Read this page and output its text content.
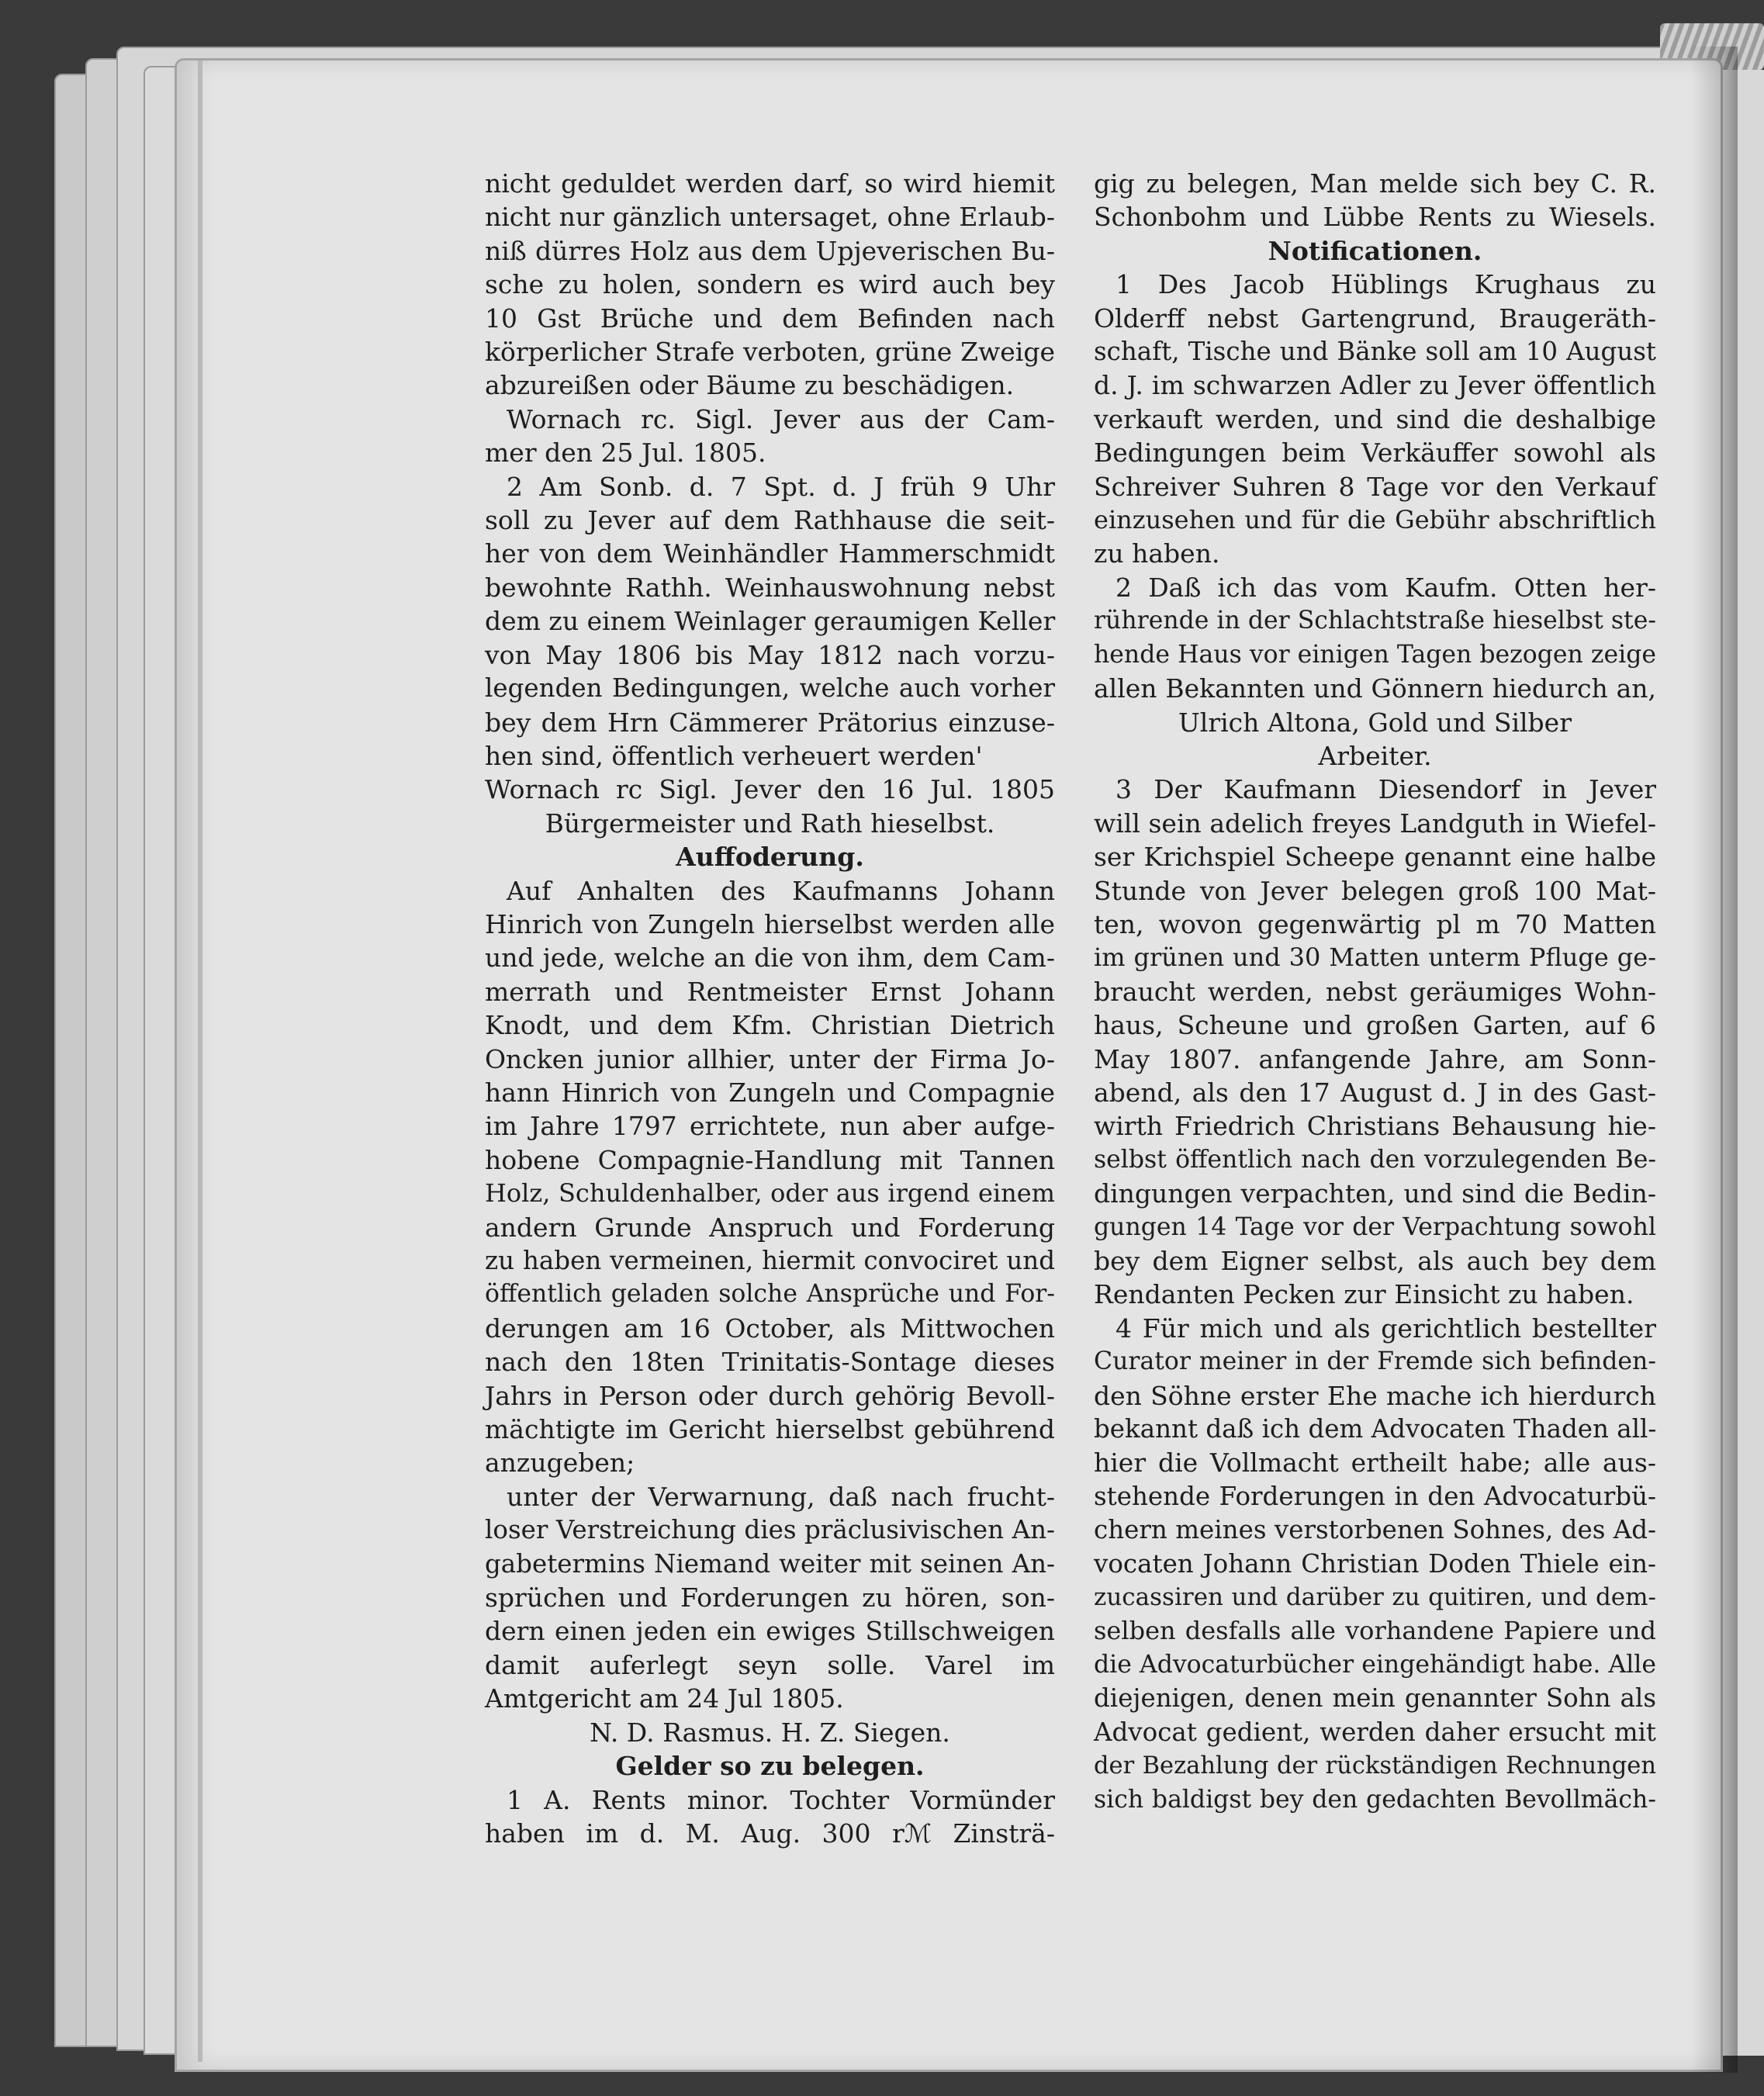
nicht geduldet werden darf, so wird hiemit
nicht nur gänzlich untersaget, ohne Erlaub-
niß dürres Holz aus dem Upjeverischen Bu-
sche zu holen, sondern es wird auch bey
10 Gst Brüche und dem Befinden nach
körperlicher Strafe verboten, grüne Zweige
abzureißen oder Bäume zu beschädigen.
Wornach rc. Sigl. Jever aus der Cam-
mer den 25 Jul. 1805.
2 Am Sonb. d. 7 Spt. d. J früh 9 Uhr
soll zu Jever auf dem Rathhause die seit-
her von dem Weinhändler Hammerschmidt
bewohnte Rathh. Weinhauswohnung nebst
dem zu einem Weinlager geraumigen Keller
von May 1806 bis May 1812 nach vorzu-
legenden Bedingungen, welche auch vorher
bey dem Hrn Cämmerer Prätorius einzuse-
hen sind, öffentlich verheuert werden'
Wornach rc Sigl. Jever den 16 Jul. 1805
Bürgermeister und Rath hieselbst.
Auffoderung.
Auf Anhalten des Kaufmanns Johann
Hinrich von Zungeln hierselbst werden alle
und jede, welche an die von ihm, dem Cam-
merrath und Rentmeister Ernst Johann
Knodt, und dem Kfm. Christian Dietrich
Oncken junior allhier, unter der Firma Jo-
hann Hinrich von Zungeln und Compagnie
im Jahre 1797 errichtete, nun aber aufge-
hobene Compagnie-Handlung mit Tannen
Holz, Schuldenhalber, oder aus irgend einem
andern Grunde Anspruch und Forderung
zu haben vermeinen, hiermit convociret und
öffentlich geladen solche Ansprüche und For-
derungen am 16 October, als Mittwochen
nach den 18ten Trinitatis-Sontage dieses
Jahrs in Person oder durch gehörig Bevoll-
mächtigte im Gericht hierselbst gebührend
anzugeben;
unter der Verwarnung, daß nach frucht-
loser Verstreichung dies präclusivischen An-
gabetermins Niemand weiter mit seinen An-
sprüchen und Forderungen zu hören, son-
dern einen jeden ein ewiges Stillschweigen
damit auferlegt seyn solle. Varel im
Amtgericht am 24 Jul 1805.
N. D. Rasmus. H. Z. Siegen.
Gelder so zu belegen.
1 A. Rents minor. Tochter Vormünder
haben im d. M. Aug. 300 rℳ Zinsträ-
gig zu belegen, Man melde sich bey C. R.
Schonbohm und Lübbe Rents zu Wiesels.
Notificationen.
1 Des Jacob Hüblings Krughaus zu
Olderff nebst Gartengrund, Braugeräth-
schaft, Tische und Bänke soll am 10 August
d. J. im schwarzen Adler zu Jever öffentlich
verkauft werden, und sind die deshalbige
Bedingungen beim Verkäuffer sowohl als
Schreiver Suhren 8 Tage vor den Verkauf
einzusehen und für die Gebühr abschriftlich
zu haben.
2 Daß ich das vom Kaufm. Otten her-
rührende in der Schlachtstraße hieselbst ste-
hende Haus vor einigen Tagen bezogen zeige
allen Bekannten und Gönnern hiedurch an,
Ulrich Altona, Gold und Silber
Arbeiter.
3 Der Kaufmann Diesendorf in Jever
will sein adelich freyes Landguth in Wiefel-
ser Krichspiel Scheepe genannt eine halbe
Stunde von Jever belegen groß 100 Mat-
ten, wovon gegenwärtig pl m 70 Matten
im grünen und 30 Matten unterm Pfluge ge-
braucht werden, nebst geräumiges Wohn-
haus, Scheune und großen Garten, auf 6
May 1807. anfangende Jahre, am Sonn-
abend, als den 17 August d. J in des Gast-
wirth Friedrich Christians Behausung hie-
selbst öffentlich nach den vorzulegenden Be-
dingungen verpachten, und sind die Bedin-
gungen 14 Tage vor der Verpachtung sowohl
bey dem Eigner selbst, als auch bey dem
Rendanten Pecken zur Einsicht zu haben.
4 Für mich und als gerichtlich bestellter
Curator meiner in der Fremde sich befinden-
den Söhne erster Ehe mache ich hierdurch
bekannt daß ich dem Advocaten Thaden all-
hier die Vollmacht ertheilt habe; alle aus-
stehende Forderungen in den Advocaturbü-
chern meines verstorbenen Sohnes, des Ad-
vocaten Johann Christian Doden Thiele ein-
zucassiren und darüber zu quitiren, und dem-
selben desfalls alle vorhandene Papiere und
die Advocaturbücher eingehändigt habe. Alle
diejenigen, denen mein genannter Sohn als
Advocat gedient, werden daher ersucht mit
der Bezahlung der rückständigen Rechnungen
sich baldigst bey den gedachten Bevollmäch-
